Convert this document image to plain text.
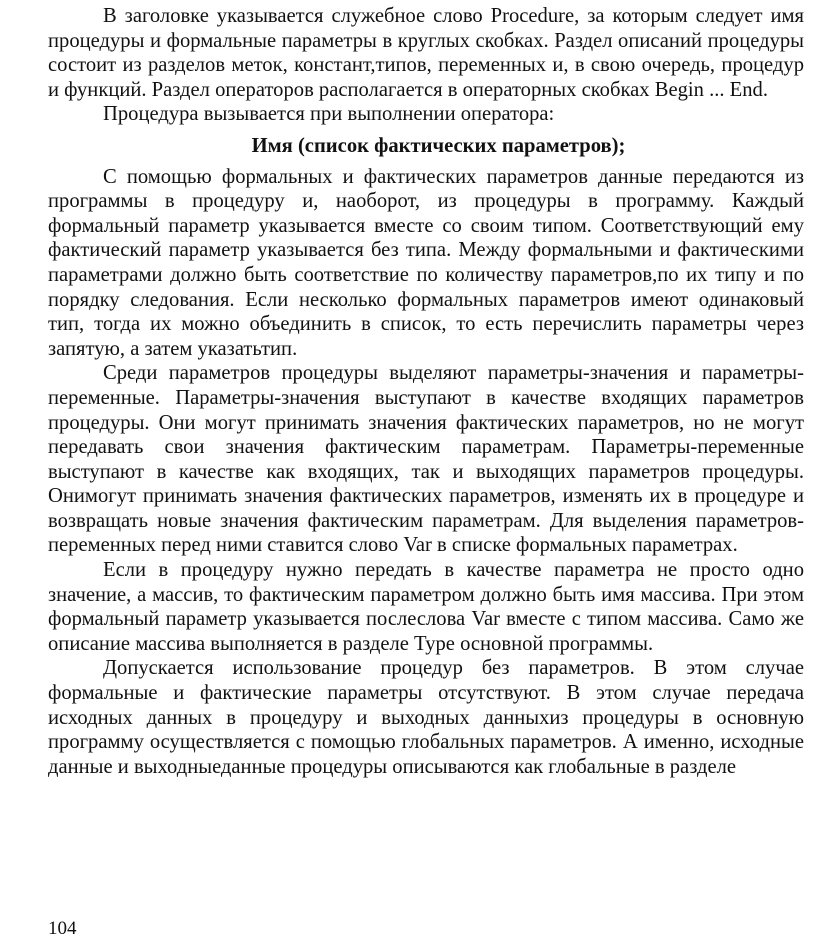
В заголовке указывается служебное слово Procedure, за которым следует имя процедуры и формальные параметры в круглых скобках. Раздел описаний процедуры состоит из разделов меток, констант,типов, переменных и, в свою очередь, процедур и функций. Раздел операторов располагается в операторных скобках Begin ... End.

Процедура вызывается при выполнении оператора:

Имя (список фактических параметров);

С помощью формальных и фактических параметров данные передаются из программы в процедуру и, наоборот, из процедуры в программу. Каждый формальный параметр указывается вместе со своим типом. Соответствующий ему фактический параметр указывается без типа. Между формальными и фактическими параметрами должно быть соответствие по количеству параметров,по их типу и по порядку следования. Если несколько формальных параметров имеют одинаковый тип, тогда их можно объединить в список, то есть перечислить параметры через запятую, а затем указатьтип.

Среди параметров процедуры выделяют параметры-значения и параметры-переменные. Параметры-значения выступают в качестве входящих параметров процедуры. Они могут принимать значения фактических параметров, но не могут передавать свои значения фактическим параметрам. Параметры-переменные выступают в качестве как входящих, так и выходящих параметров процедуры. Онимогут принимать значения фактических параметров, изменять их в процедуре и возвращать новые значения фактическим параметрам. Для выделения параметров-переменных перед ними ставится слово Var в списке формальных параметрах.

Если в процедуру нужно передать в качестве параметра не просто одно значение, а массив, то фактическим параметром должно быть имя массива. При этом формальный параметр указывается послеслова Var вместе с типом массива. Само же описание массива выполняется в разделе Type основной программы.

Допускается использование процедур без параметров. В этом случае формальные и фактические параметры отсутствуют. В этом случае передача исходных данных в процедуру и выходных данныхиз процедуры в основную программу осуществляется с помощью глобальных параметров. А именно, исходные данные и выходныеданные процедуры описываются как глобальные в разделе

104
